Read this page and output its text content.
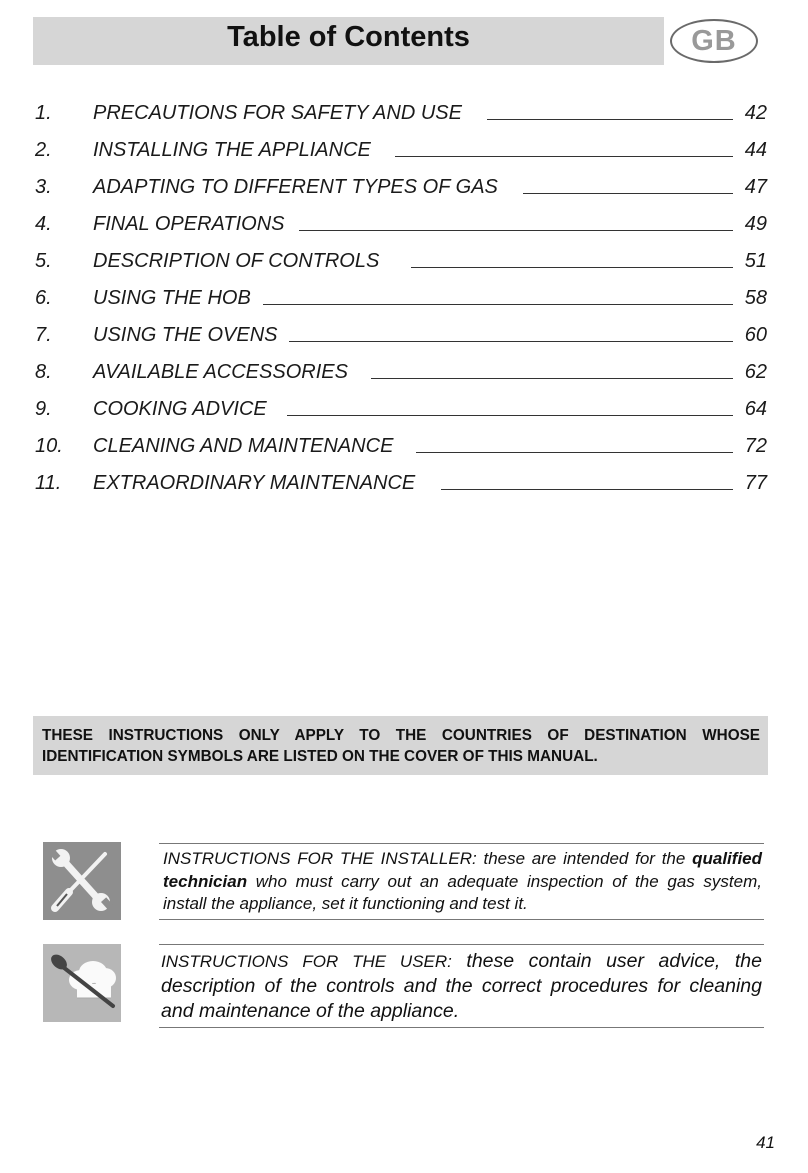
Table of Contents	GB
1. PRECAUTIONS FOR SAFETY AND USE	42
2. INSTALLING THE APPLIANCE	44
3. ADAPTING TO DIFFERENT TYPES OF GAS	47
4. FINAL OPERATIONS	49
5. DESCRIPTION OF CONTROLS	51
6. USING THE HOB	58
7. USING THE OVENS	60
8. AVAILABLE ACCESSORIES	62
9. COOKING ADVICE	64
10. CLEANING AND MAINTENANCE	72
11. EXTRAORDINARY MAINTENANCE	77
THESE INSTRUCTIONS ONLY APPLY TO THE COUNTRIES OF DESTINATION WHOSE IDENTIFICATION SYMBOLS ARE LISTED ON THE COVER OF THIS MANUAL.
INSTRUCTIONS FOR THE INSTALLER: these are intended for the qualified technician who must carry out an adequate inspection of the gas system, install the appliance, set it functioning and test it.
INSTRUCTIONS FOR THE USER: these contain user advice, the description of the controls and the correct procedures for cleaning and maintenance of the appliance.
41
